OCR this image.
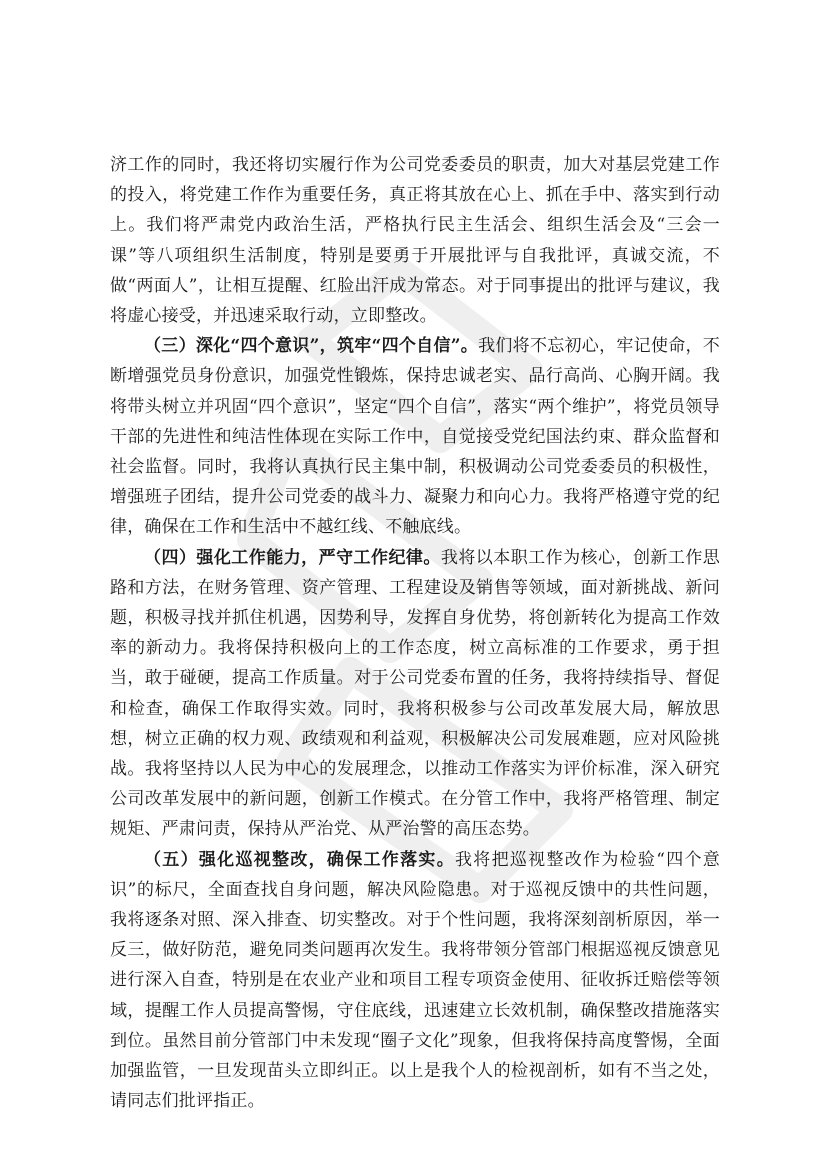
济工作的同时，我还将切实履行作为公司党委委员的职责，加大对基层党建工作的投入，将党建工作作为重要任务，真正将其放在心上、抓在手中、落实到行动上。我们将严肃党内政治生活，严格执行民主生活会、组织生活会及“三会一课”等八项组织生活制度，特别是要勇于开展批评与自我批评，真诚交流，不做“两面人”，让相互提醒、红脸出汗成为常态。对于同事提出的批评与建议，我将虚心接受，并迅速采取行动，立即整改。

（三）深化“四个意识”，筑牢“四个自信”。我们将不忘初心，牢记使命，不断增强党员身份意识，加强党性锻炼，保持忠诚老实、品行高尚、心胸开阔。我将带头树立并巩固“四个意识”，坚定“四个自信”，落实“两个维护”，将党员领导干部的先进性和纯洁性体现在实际工作中，自觉接受党纪国法约束、群众监督和社会监督。同时，我将认真执行民主集中制，积极调动公司党委委员的积极性，增强班子团结，提升公司党委的战斗力、凝聚力和向心力。我将严格遵守党的纪律，确保在工作和生活中不越红线、不触底线。

（四）强化工作能力，严守工作纪律。我将以本职工作为核心，创新工作思路和方法，在财务管理、资产管理、工程建设及销售等领域，面对新挑战、新问题，积极寻找并抓住机遇，因势利导，发挥自身优势，将创新转化为提高工作效率的新动力。我将保持积极向上的工作态度，树立高标准的工作要求，勇于担当，敢于碰硬，提高工作质量。对于公司党委布置的任务，我将持续指导、督促和检查，确保工作取得实效。同时，我将积极参与公司改革发展大局，解放思想，树立正确的权力观、政绩观和利益观，积极解决公司发展难题，应对风险挑战。我将坚持以人民为中心的发展理念，以推动工作落实为评价标准，深入研究公司改革发展中的新问题，创新工作模式。在分管工作中，我将严格管理、制定规矩、严肃问责，保持从严治党、从严治警的高压态势。

（五）强化巡视整改，确保工作落实。我将把巡视整改作为检验“四个意识”的标尺，全面查找自身问题，解决风险隐患。对于巡视反馈中的共性问题，我将逐条对照、深入排查、切实整改。对于个性问题，我将深刻剖析原因，举一反三，做好防范，避免同类问题再次发生。我将带领分管部门根据巡视反馈意见进行深入自查，特别是在农业产业和项目工程专项资金使用、征收拆迁赔偿等领域，提醒工作人员提高警惕，守住底线，迅速建立长效机制，确保整改措施落实到位。虽然目前分管部门中未发现“圈子文化”现象，但我将保持高度警惕，全面加强监管，一旦发现苗头立即纠正。以上是我个人的检视剖析，如有不当之处，请同志们批评指正。
